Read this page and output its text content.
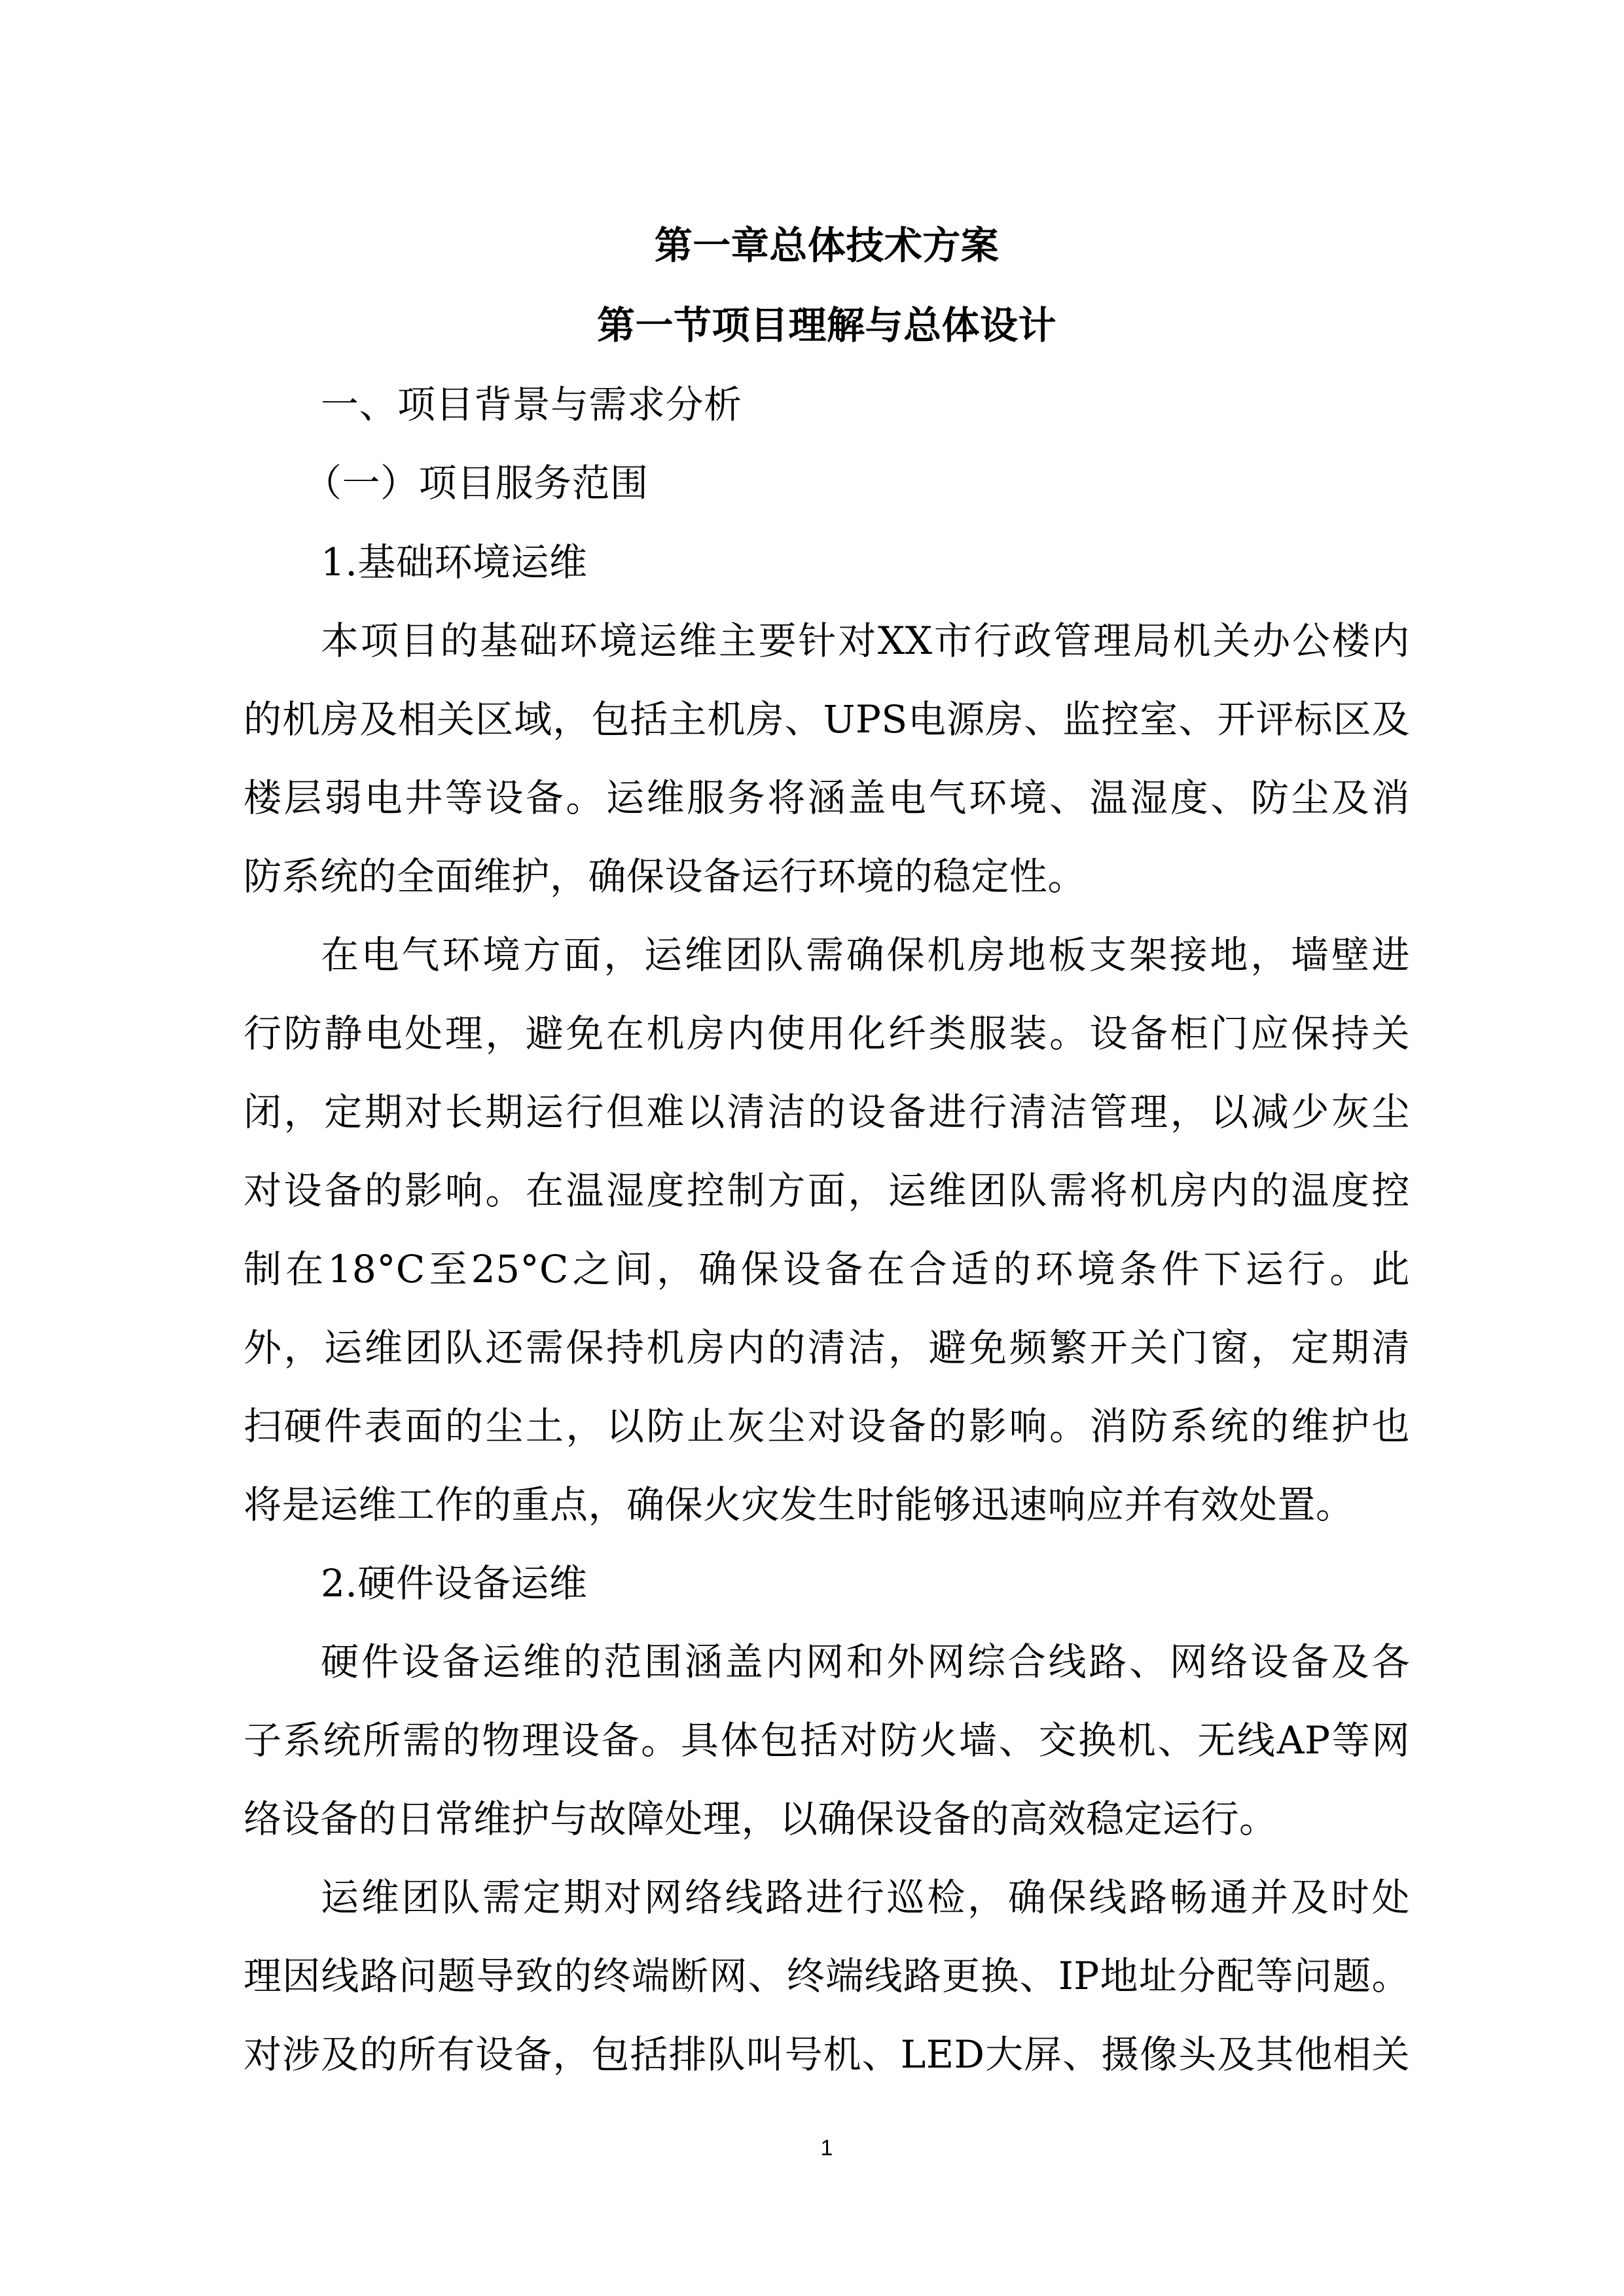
第一章总体技术方案
第一节项目理解与总体设计
一、项目背景与需求分析
（一）项目服务范围
1.基础环境运维
本项目的基础环境运维主要针对XX市行政管理局机关办公楼内
的机房及相关区域，包括主机房、UPS电源房、监控室、开评标区及
楼层弱电井等设备。运维服务将涵盖电气环境、温湿度、防尘及消
防系统的全面维护，确保设备运行环境的稳定性。
在电气环境方面，运维团队需确保机房地板支架接地，墙壁进
行防静电处理，避免在机房内使用化纤类服装。设备柜门应保持关
闭，定期对长期运行但难以清洁的设备进行清洁管理，以减少灰尘
对设备的影响。在温湿度控制方面，运维团队需将机房内的温度控
制在18°C至25°C之间，确保设备在合适的环境条件下运行。此
外，运维团队还需保持机房内的清洁，避免频繁开关门窗，定期清
扫硬件表面的尘土，以防止灰尘对设备的影响。消防系统的维护也
将是运维工作的重点，确保火灾发生时能够迅速响应并有效处置。
2.硬件设备运维
硬件设备运维的范围涵盖内网和外网综合线路、网络设备及各
子系统所需的物理设备。具体包括对防火墙、交换机、无线AP等网
络设备的日常维护与故障处理，以确保设备的高效稳定运行。
运维团队需定期对网络线路进行巡检，确保线路畅通并及时处
理因线路问题导致的终端断网、终端线路更换、IP地址分配等问题。
对涉及的所有设备，包括排队叫号机、LED大屏、摄像头及其他相关
1
